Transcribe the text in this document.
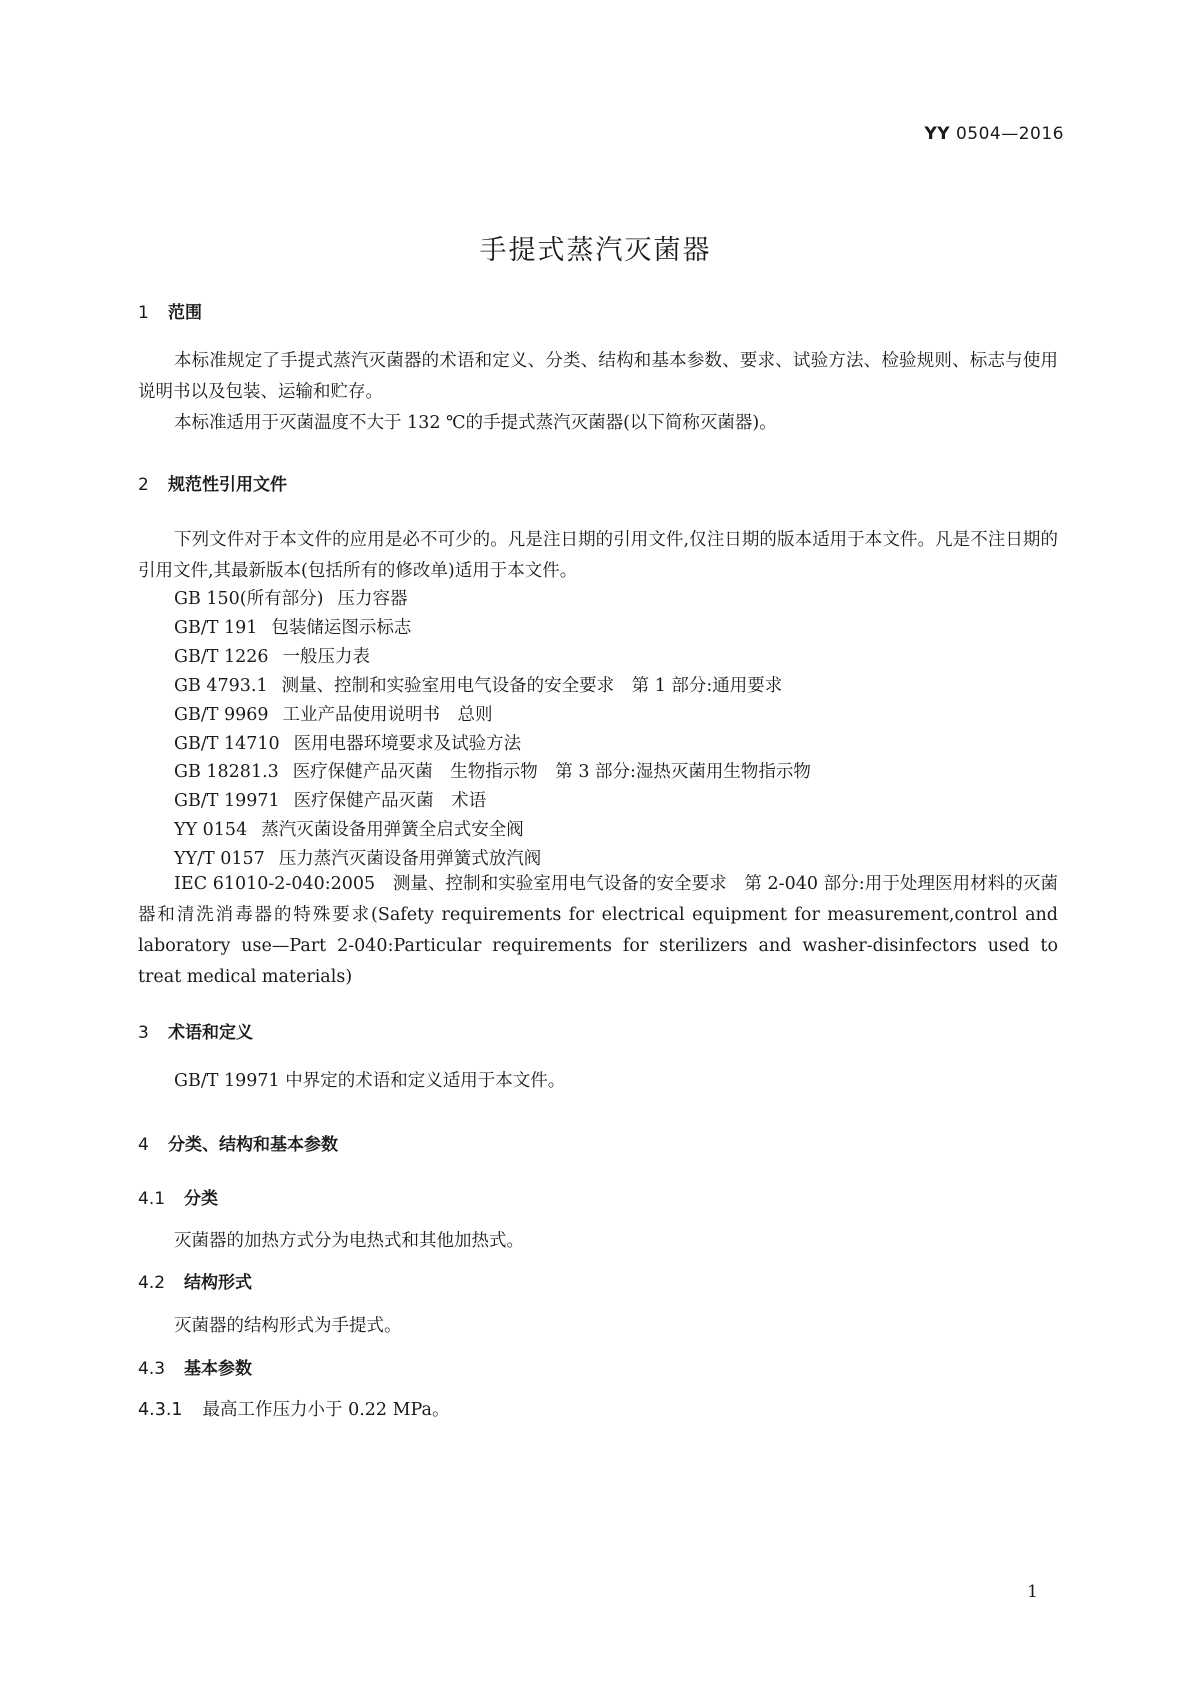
YY 0504—2016
手提式蒸汽灭菌器
1 范围

本标准规定了手提式蒸汽灭菌器的术语和定义、分类、结构和基本参数、要求、试验方法、检验规则、标志与使用说明书以及包装、运输和贮存。

本标准适用于灭菌温度不大于 132 ℃的手提式蒸汽灭菌器(以下简称灭菌器)。

2 规范性引用文件

下列文件对于本文件的应用是必不可少的。凡是注日期的引用文件,仅注日期的版本适用于本文件。凡是不注日期的引用文件,其最新版本(包括所有的修改单)适用于本文件。

GB 150(所有部分) 压力容器
GB/T 191 包装储运图示标志
GB/T 1226 一般压力表
GB 4793.1 测量、控制和实验室用电气设备的安全要求　第 1 部分:通用要求
GB/T 9969 工业产品使用说明书　总则
GB/T 14710 医用电器环境要求及试验方法
GB 18281.3 医疗保健产品灭菌　生物指示物　第 3 部分:湿热灭菌用生物指示物
GB/T 19971 医疗保健产品灭菌　术语
YY 0154 蒸汽灭菌设备用弹簧全启式安全阀
YY/T 0157 压力蒸汽灭菌设备用弹簧式放汽阀

IEC 61010-2-040:2005　测量、控制和实验室用电气设备的安全要求　第 2-040 部分:用于处理医用材料的灭菌器和清洗消毒器的特殊要求(Safety requirements for electrical equipment for measurement,control and laboratory use—Part 2-040:Particular requirements for sterilizers and washer-disinfectors used to treat medical materials)

3 术语和定义

GB/T 19971 中界定的术语和定义适用于本文件。

4 分类、结构和基本参数
4.1 分类
灭菌器的加热方式分为电热式和其他加热式。
4.2 结构形式
灭菌器的结构形式为手提式。
4.3 基本参数
4.3.1 最高工作压力小于 0.22 MPa。
1
